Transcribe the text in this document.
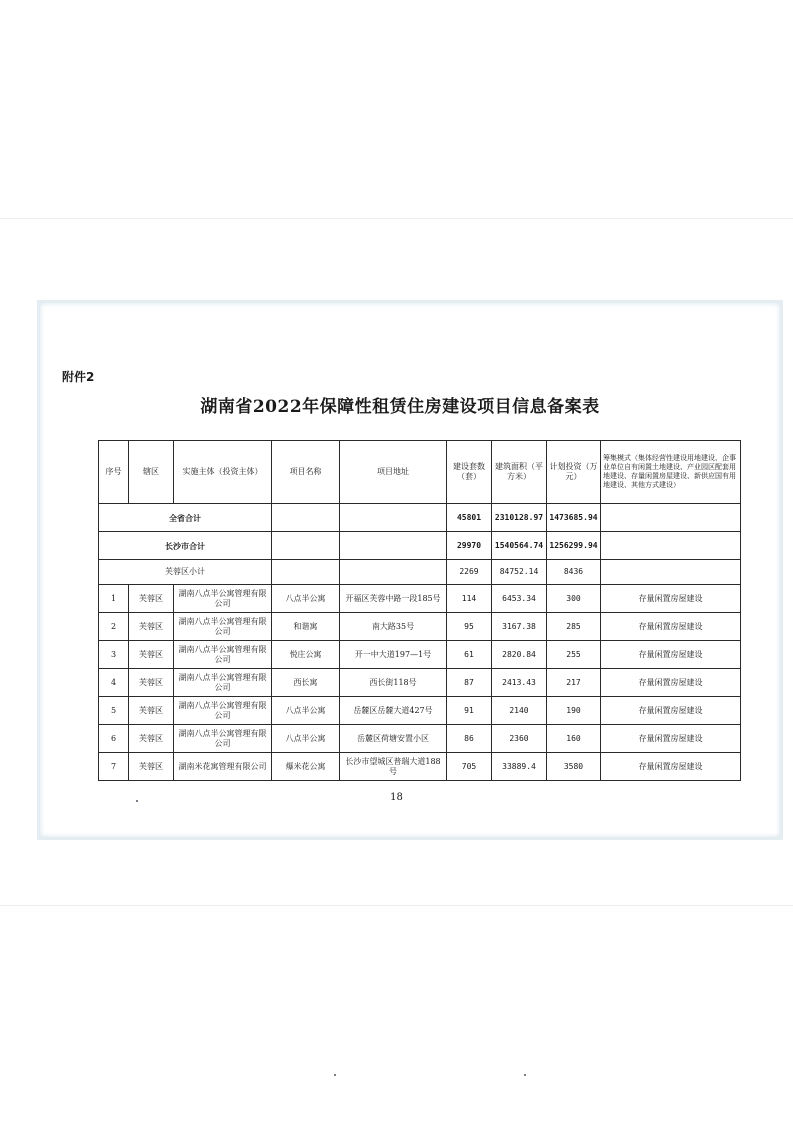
附件2
湖南省2022年保障性租赁住房建设项目信息备案表
序号	辖区	实施主体（投资主体）	项目名称	项目地址	建设套数（套）	建筑面积（平方米）	计划投资（万元）	筹集模式（集体经营性建设用地建设、企事业单位自有闲置土地建设、产业园区配套用地建设、存量闲置房屋建设、新供应国有用地建设、其他方式建设）
全省合计					45801	2310128.97	1473685.94	
长沙市合计					29970	1540564.74	1256299.94	
芙蓉区小计					2269	84752.14	8436	
1	芙蓉区	湖南八点半公寓管理有限公司	八点半公寓	开福区芙蓉中路一段185号	114	6453.34	300	存量闲置房屋建设
2	芙蓉区	湖南八点半公寓管理有限公司	和谐寓	南大路35号	95	3167.38	285	存量闲置房屋建设
3	芙蓉区	湖南八点半公寓管理有限公司	悦庄公寓	开一中大道197—1号	61	2820.84	255	存量闲置房屋建设
4	芙蓉区	湖南八点半公寓管理有限公司	西长寓	西长街118号	87	2413.43	217	存量闲置房屋建设
5	芙蓉区	湖南八点半公寓管理有限公司	八点半公寓	岳麓区岳麓大道427号	91	2140	190	存量闲置房屋建设
6	芙蓉区	湖南八点半公寓管理有限公司	八点半公寓	岳麓区荷塘安置小区	86	2360	160	存量闲置房屋建设
7	芙蓉区	湖南米花寓管理有限公司	爆米花公寓	长沙市望城区普瑞大道188号	705	33889.4	3580	存量闲置房屋建设
18
